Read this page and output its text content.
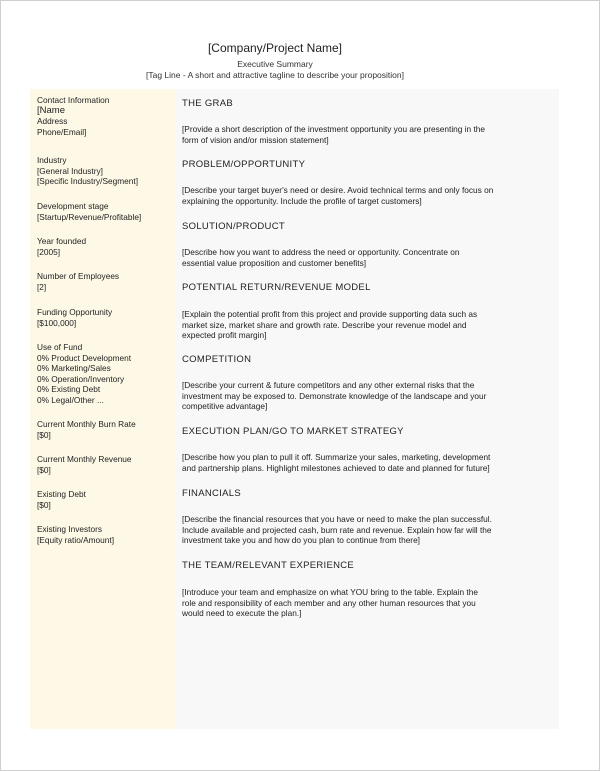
[Company/Project Name]
Executive Summary
[Tag Line - A short and attractive tagline to describe your proposition]
Contact Information
[Name
Address
Phone/Email]
Industry
[General Industry]
[Specific Industry/Segment]
Development stage
[Startup/Revenue/Profitable]
Year founded
[2005]
Number of Employees
[2]
Funding Opportunity
[$100,000]
Use of Fund
0% Product Development
0% Marketing/Sales
0% Operation/Inventory
0% Existing Debt
0% Legal/Other ...
Current Monthly Burn Rate
[$0]
Current Monthly Revenue
[$0]
Existing Debt
[$0]
Existing Investors
[Equity ratio/Amount]
THE GRAB
[Provide a short description of the investment opportunity you are presenting in the
form of vision and/or mission statement]
PROBLEM/OPPORTUNITY
[Describe your target buyer's need or desire. Avoid technical terms and only focus on
explaining the opportunity. Include the profile of target customers]
SOLUTION/PRODUCT
[Describe how you want to address the need or opportunity. Concentrate on
essential value proposition and customer benefits]
POTENTIAL RETURN/REVENUE MODEL
[Explain the potential profit from this project and provide supporting data such as
market size, market share and growth rate. Describe your revenue model and
expected profit margin]
COMPETITION
[Describe your current & future competitors and any other external risks that the
investment may be exposed to. Demonstrate knowledge of the landscape and your
competitive advantage]
EXECUTION PLAN/GO TO MARKET STRATEGY
[Describe how you plan to pull it off. Summarize your sales, marketing, development
and partnership plans. Highlight milestones achieved to date and planned for future]
FINANCIALS
[Describe the financial resources that you have or need to make the plan successful.
Include available and projected cash, burn rate and revenue. Explain how far will the
investment take you and how do you plan to continue from there]
THE TEAM/RELEVANT EXPERIENCE
[Introduce your team and emphasize on what YOU bring to the table. Explain the
role and responsibility of each member and any other human resources that you
would need to execute the plan.]
